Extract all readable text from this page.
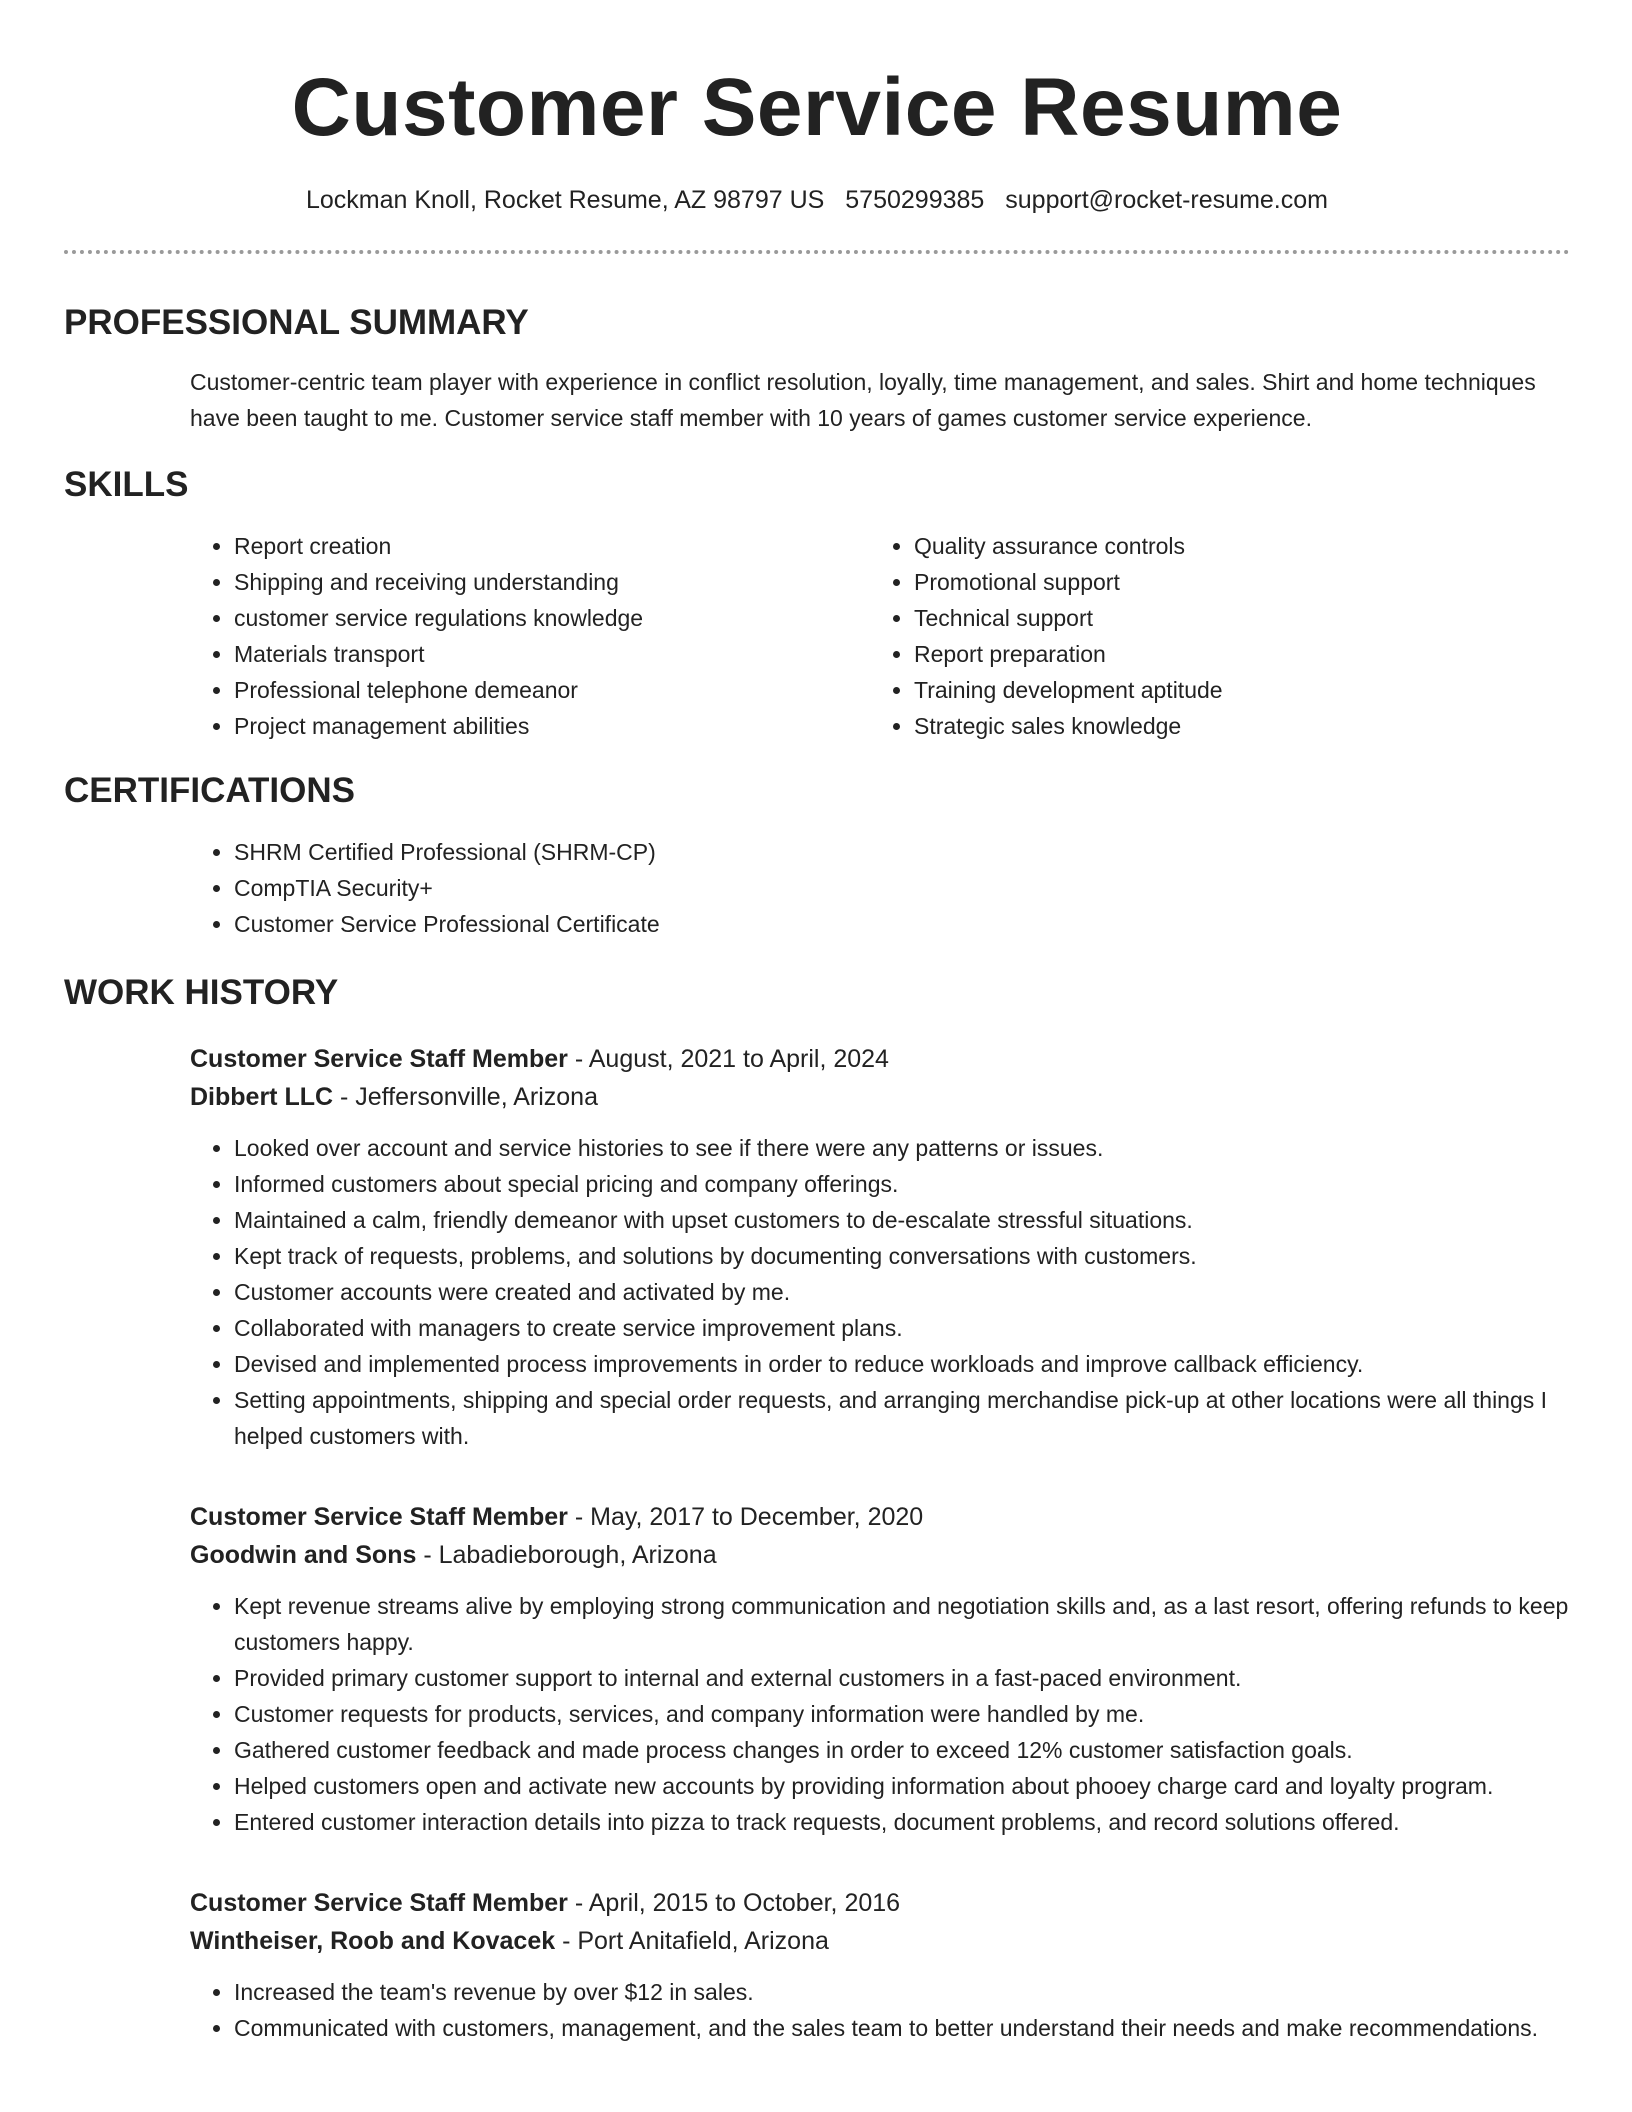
Customer Service Resume
Lockman Knoll, Rocket Resume, AZ 98797 US 5750299385 support@rocket-resume.com
PROFESSIONAL SUMMARY
Customer-centric team player with experience in conflict resolution, loyally, time management, and sales. Shirt and home techniques have been taught to me. Customer service staff member with 10 years of games customer service experience.
SKILLS
• Report creation
• Shipping and receiving understanding
• customer service regulations knowledge
• Materials transport
• Professional telephone demeanor
• Project management abilities
• Quality assurance controls
• Promotional support
• Technical support
• Report preparation
• Training development aptitude
• Strategic sales knowledge
CERTIFICATIONS
• SHRM Certified Professional (SHRM-CP)
• CompTIA Security+
• Customer Service Professional Certificate
WORK HISTORY
Customer Service Staff Member - August, 2021 to April, 2024
Dibbert LLC - Jeffersonville, Arizona
• Looked over account and service histories to see if there were any patterns or issues.
• Informed customers about special pricing and company offerings.
• Maintained a calm, friendly demeanor with upset customers to de-escalate stressful situations.
• Kept track of requests, problems, and solutions by documenting conversations with customers.
• Customer accounts were created and activated by me.
• Collaborated with managers to create service improvement plans.
• Devised and implemented process improvements in order to reduce workloads and improve callback efficiency.
• Setting appointments, shipping and special order requests, and arranging merchandise pick-up at other locations were all things I helped customers with.
Customer Service Staff Member - May, 2017 to December, 2020
Goodwin and Sons - Labadieborough, Arizona
• Kept revenue streams alive by employing strong communication and negotiation skills and, as a last resort, offering refunds to keep customers happy.
• Provided primary customer support to internal and external customers in a fast-paced environment.
• Customer requests for products, services, and company information were handled by me.
• Gathered customer feedback and made process changes in order to exceed 12% customer satisfaction goals.
• Helped customers open and activate new accounts by providing information about phooey charge card and loyalty program.
• Entered customer interaction details into pizza to track requests, document problems, and record solutions offered.
Customer Service Staff Member - April, 2015 to October, 2016
Wintheiser, Roob and Kovacek - Port Anitafield, Arizona
• Increased the team's revenue by over $12 in sales.
• Communicated with customers, management, and the sales team to better understand their needs and make recommendations.
